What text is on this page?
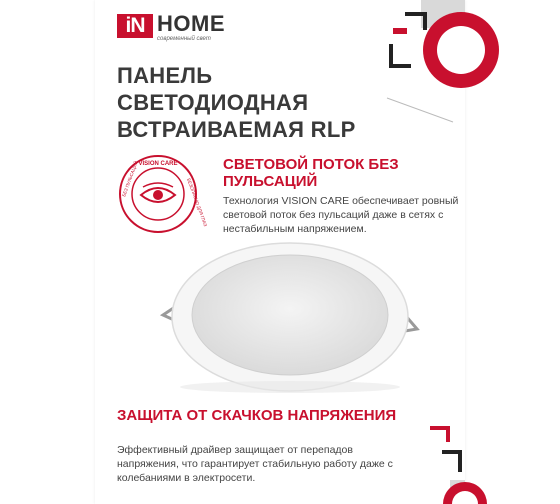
iN HOME
современный свет
ПАНЕЛЬ СВЕТОДИОДНАЯ ВСТРАИВАЕМАЯ RLP
VISION CARE
БЕЗ ПУЛЬСАЦИЙ	БЕЗОПАСНО ДЛЯ ГЛАЗ
СВЕТОВОЙ ПОТОК БЕЗ ПУЛЬСАЦИЙ
Технология VISION CARE обеспечивает ровный световой поток без пульсаций даже в сетях с нестабильным напряжением.
ЗАЩИТА ОТ СКАЧКОВ НАПРЯЖЕНИЯ
Эффективный драйвер защищает от перепадов напряжения, что гарантирует стабильную работу даже с колебаниями в электросети.
